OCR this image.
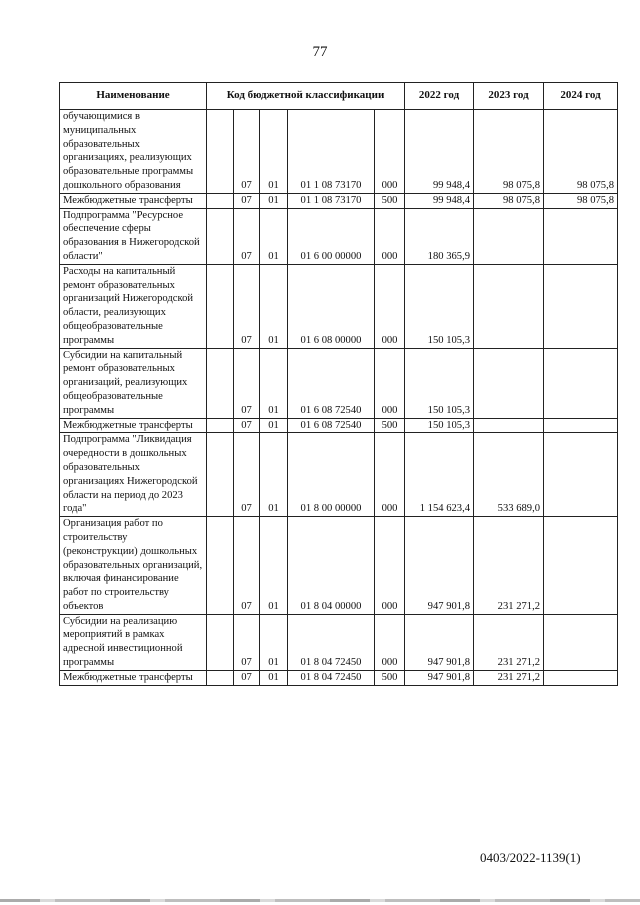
77
Наименование	Код бюджетной классификации					2022 год	2023 год	2024 год
обучающимися в муниципальных образовательных организациях, реализующих образовательные программы дошкольного образования		07	01	01 1 08 73170	000	99 948,4	98 075,8	98 075,8
Межбюджетные трансферты		07	01	01 1 08 73170	500	99 948,4	98 075,8	98 075,8
Подпрограмма "Ресурсное обеспечение сферы образования в Нижегородской области"		07	01	01 6 00 00000	000	180 365,9		
Расходы на капитальный ремонт образовательных организаций Нижегородской области, реализующих общеобразовательные программы		07	01	01 6 08 00000	000	150 105,3		
Субсидии на капитальный ремонт образовательных организаций, реализующих общеобразовательные программы		07	01	01 6 08 72540	000	150 105,3		
Межбюджетные трансферты		07	01	01 6 08 72540	500	150 105,3		
Подпрограмма "Ликвидация очередности в дошкольных образовательных организациях Нижегородской области на период до 2023 года"		07	01	01 8 00 00000	000	1 154 623,4	533 689,0	
Организация работ по строительству (реконструкции) дошкольных образовательных организаций, включая финансирование работ по строительству объектов		07	01	01 8 04 00000	000	947 901,8	231 271,2	
Субсидии на реализацию мероприятий в рамках адресной инвестиционной программы		07	01	01 8 04 72450	000	947 901,8	231 271,2	
Межбюджетные трансферты		07	01	01 8 04 72450	500	947 901,8	231 271,2	
0403/2022-1139(1)
